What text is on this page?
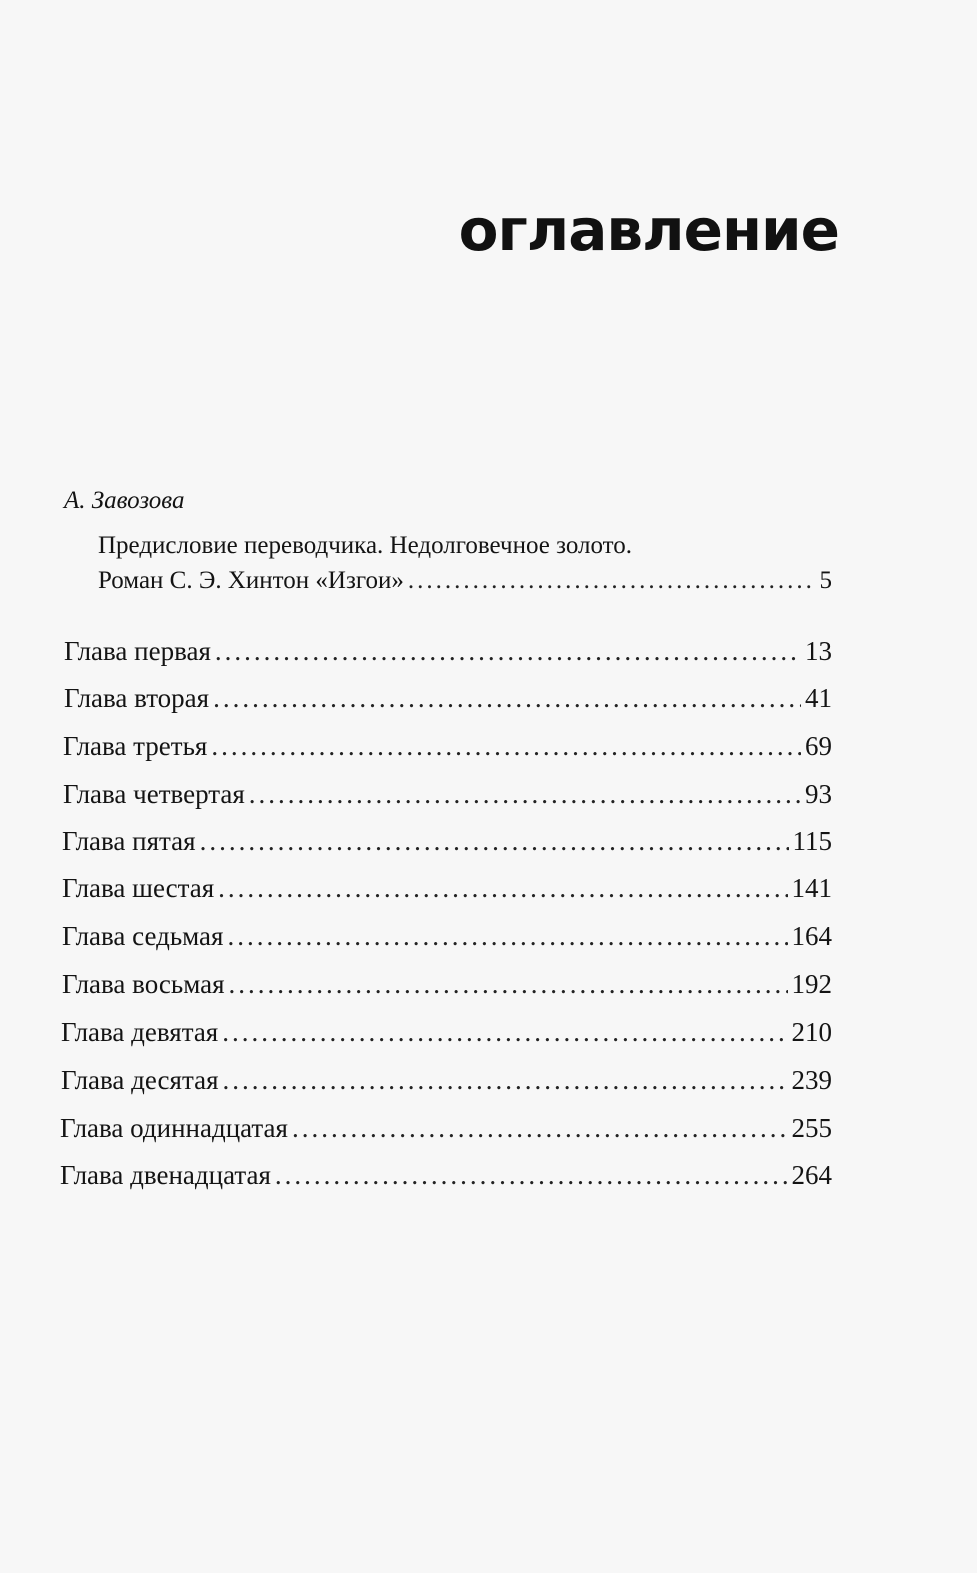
оглавление
А. Завозова
Предисловие переводчика. Недолговечное золото.
Роман С. Э. Хинтон «Изгои» .....	5
Глава первая .....	13
Глава вторая .....	41
Глава третья .....	69
Глава четвертая .....	93
Глава пятая .....	115
Глава шестая .....	141
Глава седьмая .....	164
Глава восьмая .....	192
Глава девятая .....	210
Глава десятая .....	239
Глава одиннадцатая .....	255
Глава двенадцатая .....	264
